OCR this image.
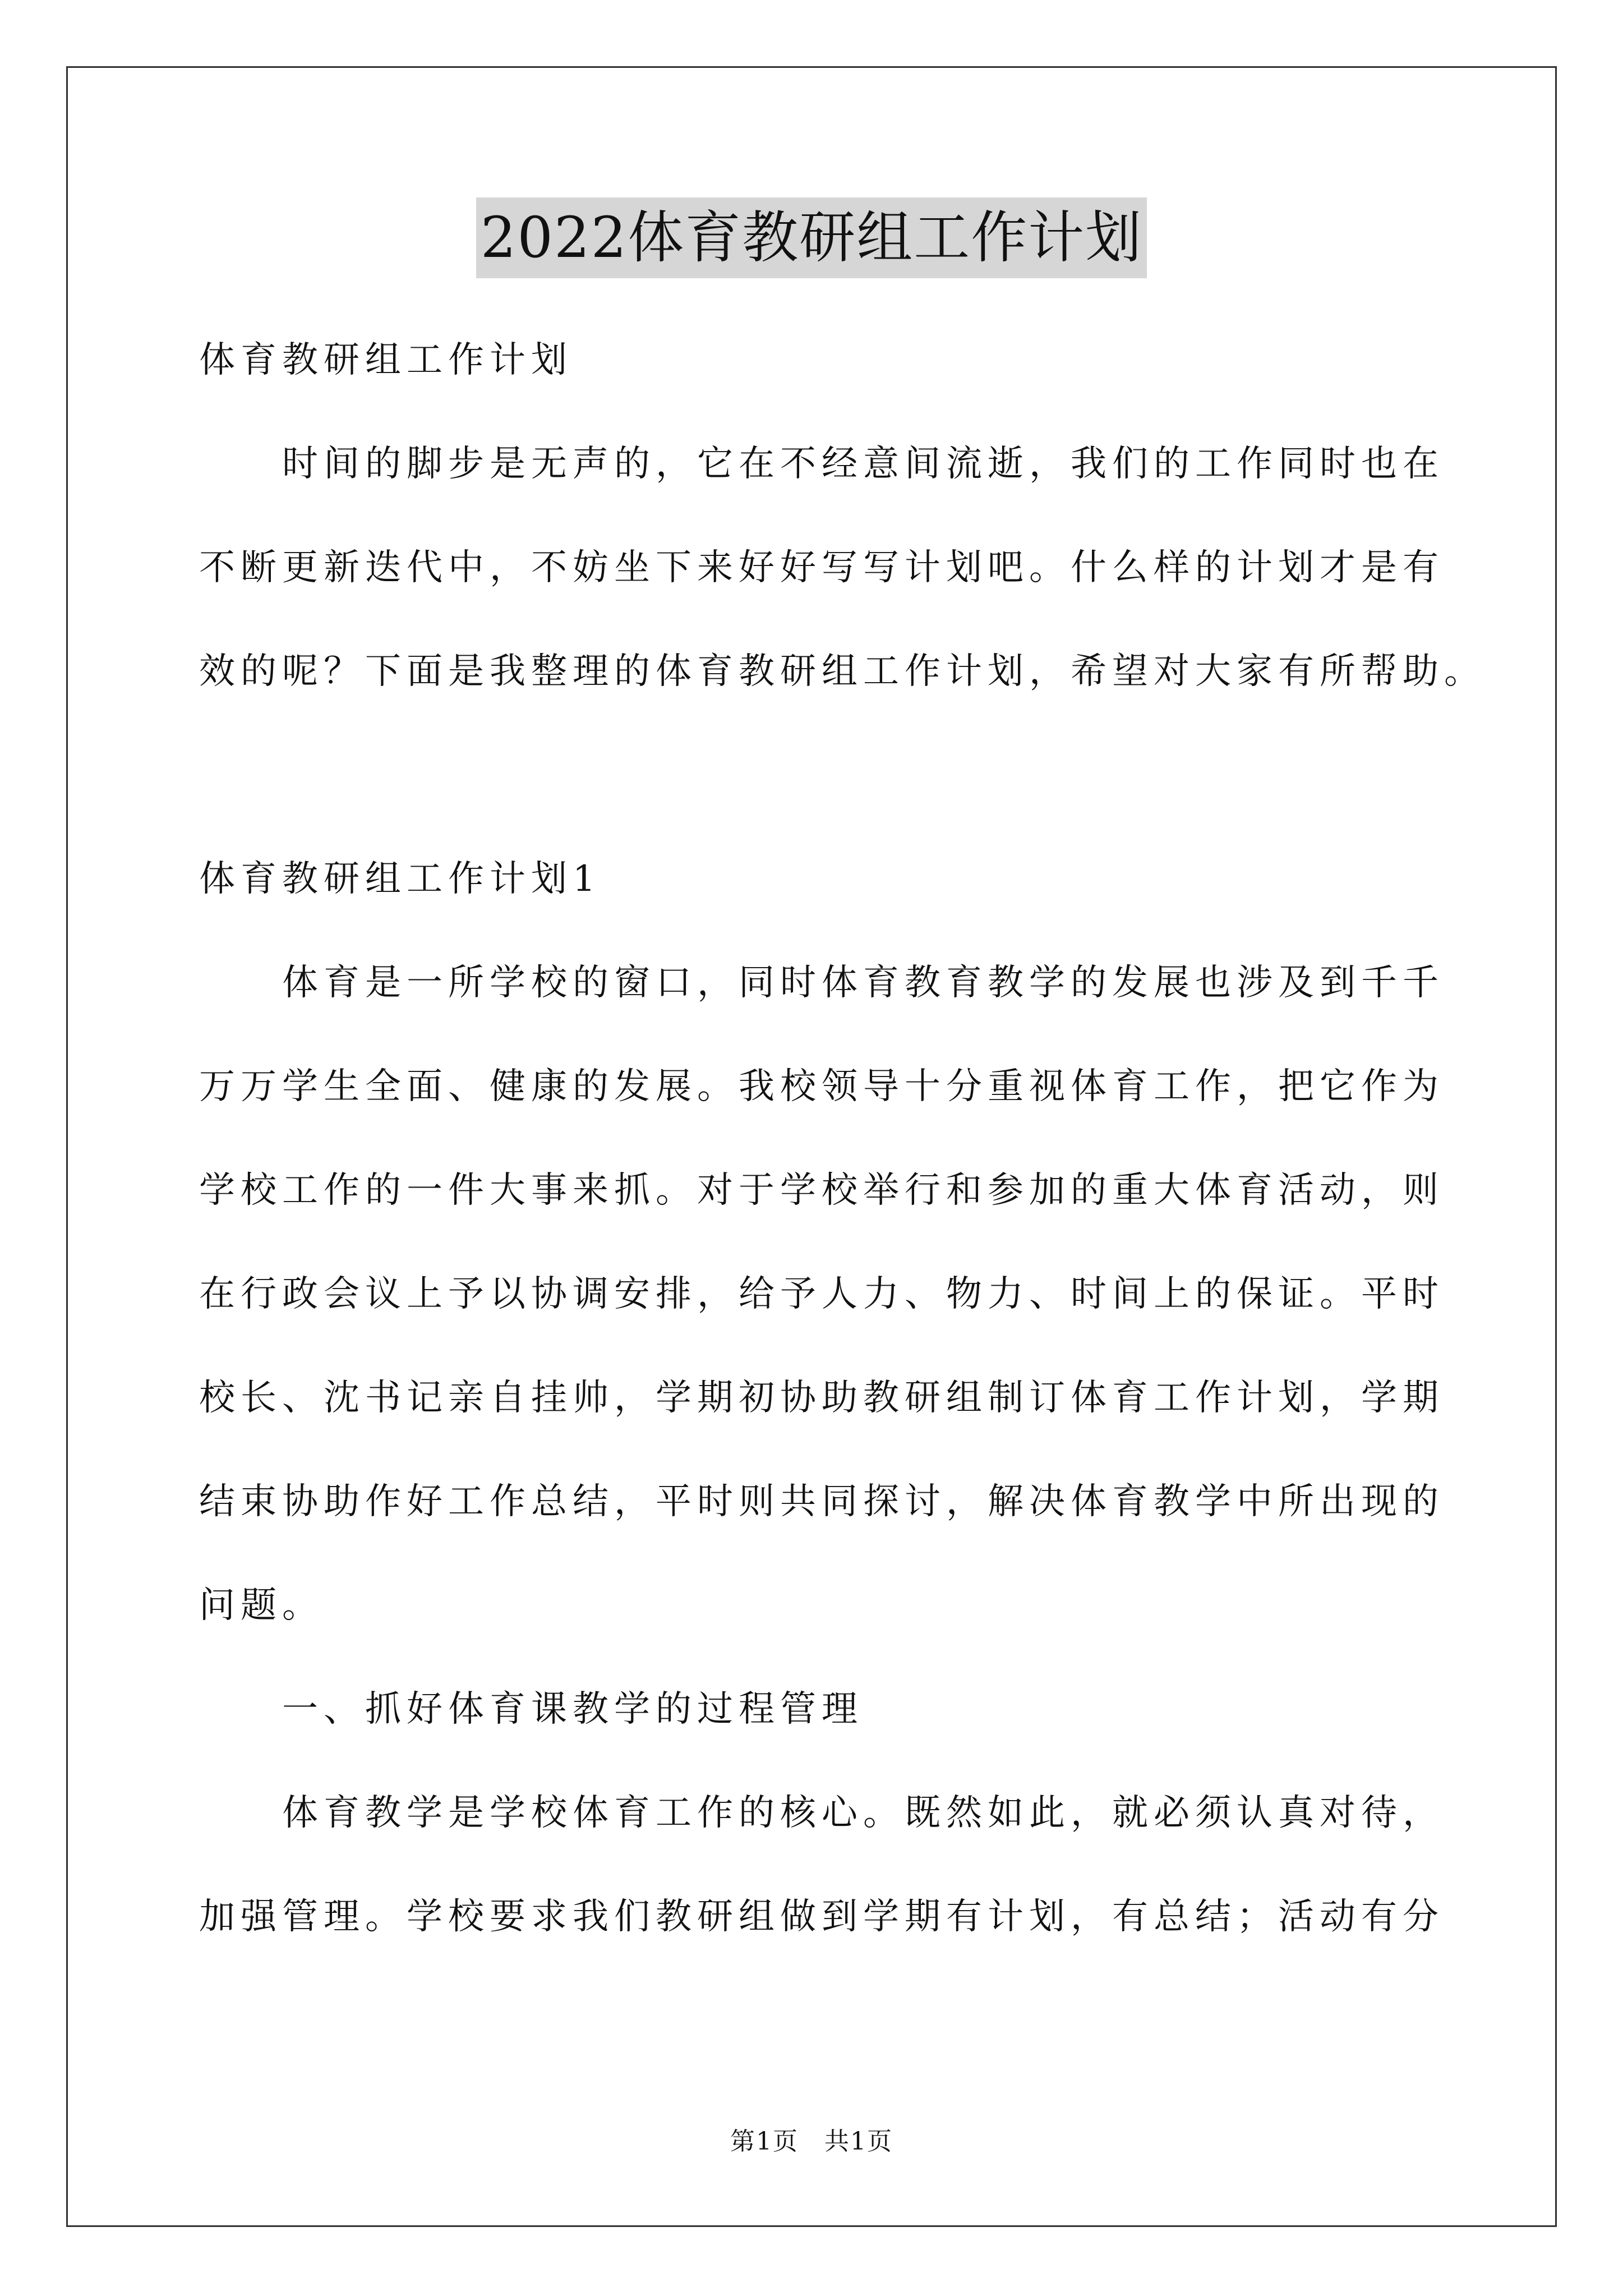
2022体育教研组工作计划
体育教研组工作计划
时间的脚步是无声的，它在不经意间流逝，我们的工作同时也在
不断更新迭代中，不妨坐下来好好写写计划吧。什么样的计划才是有
效的呢？下面是我整理的体育教研组工作计划，希望对大家有所帮助。
体育教研组工作计划1
体育是一所学校的窗口，同时体育教育教学的发展也涉及到千千
万万学生全面、健康的发展。我校领导十分重视体育工作，把它作为
学校工作的一件大事来抓。对于学校举行和参加的重大体育活动，则
在行政会议上予以协调安排，给予人力、物力、时间上的保证。平时
校长、沈书记亲自挂帅，学期初协助教研组制订体育工作计划，学期
结束协助作好工作总结，平时则共同探讨，解决体育教学中所出现的
问题。
一、抓好体育课教学的过程管理
体育教学是学校体育工作的核心。既然如此，就必须认真对待，
加强管理。学校要求我们教研组做到学期有计划，有总结；活动有分
第1页　共1页
